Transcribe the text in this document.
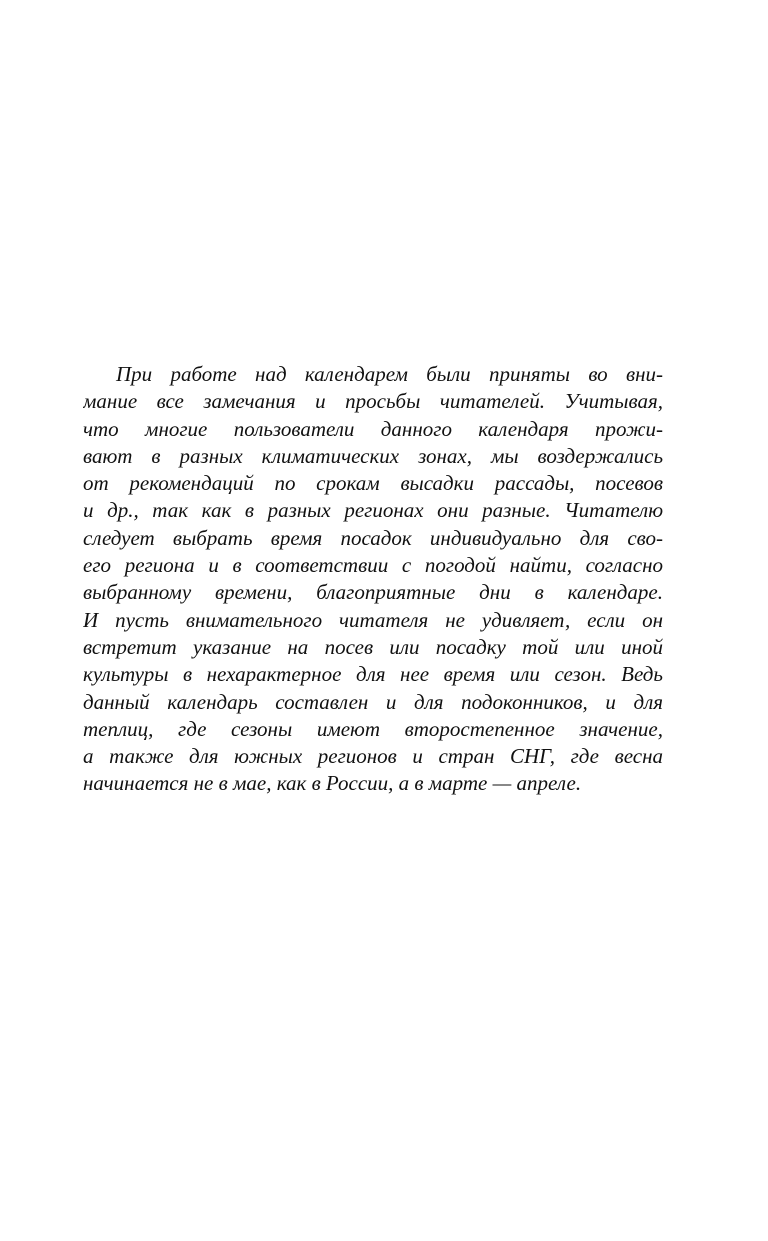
При работе над календарем были приняты во вни-
мание все замечания и просьбы читателей. Учитывая,
что многие пользователи данного календаря прожи-
вают в разных климатических зонах, мы воздержались
от рекомендаций по срокам высадки рассады, посевов
и др., так как в разных регионах они разные. Читателю
следует выбрать время посадок индивидуально для сво-
его региона и в соответствии с погодой найти, согласно
выбранному времени, благоприятные дни в календаре.
И пусть внимательного читателя не удивляет, если он
встретит указание на посев или посадку той или иной
культуры в нехарактерное для нее время или сезон. Ведь
данный календарь составлен и для подоконников, и для
теплиц, где сезоны имеют второстепенное значение,
а также для южных регионов и стран СНГ, где весна
начинается не в мае, как в России, а в марте — апреле.
